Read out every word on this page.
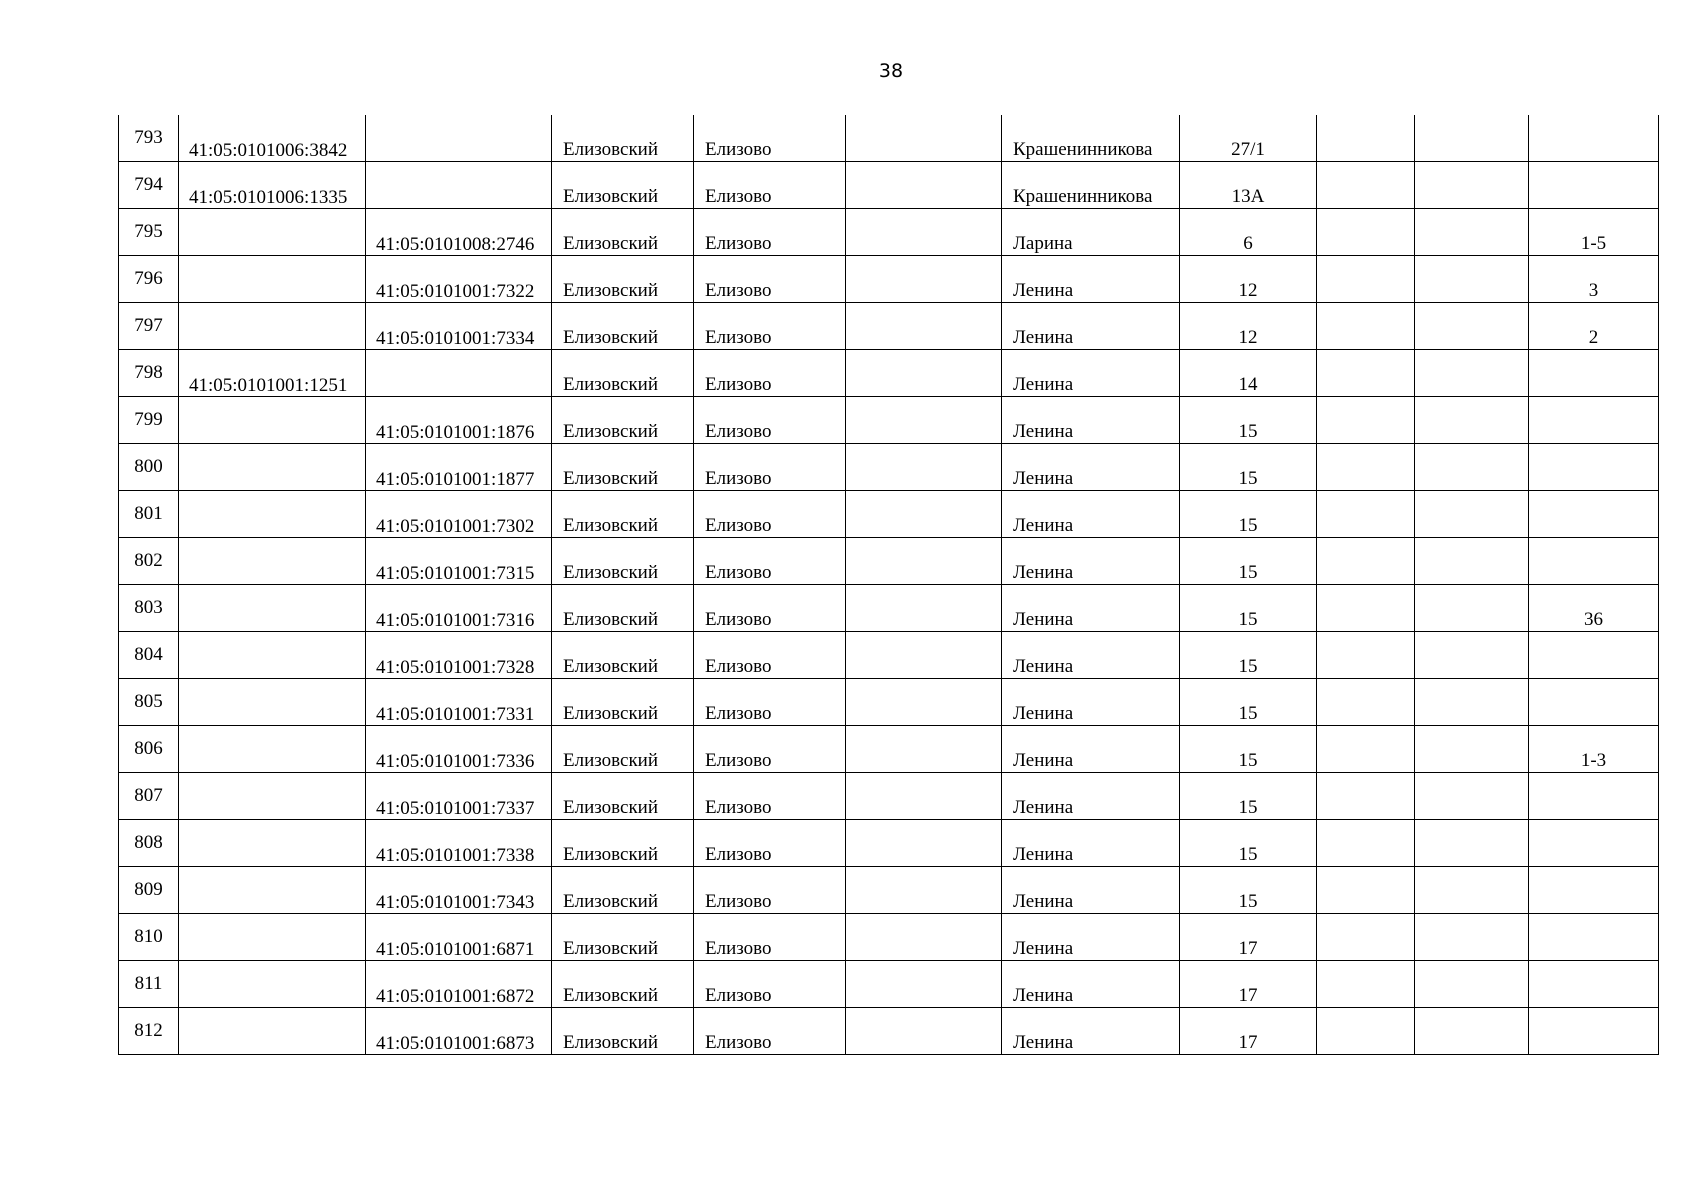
38
793	41:05:0101006:3842		Елизовский	Елизово		Крашенинникова	27/1			

794	41:05:0101006:1335		Елизовский	Елизово		Крашенинникова	13А			

795		41:05:0101008:2746	Елизовский	Елизово		Ларина	6			1-5

796		41:05:0101001:7322	Елизовский	Елизово		Ленина	12			3

797		41:05:0101001:7334	Елизовский	Елизово		Ленина	12			2

798	41:05:0101001:1251		Елизовский	Елизово		Ленина	14			

799		41:05:0101001:1876	Елизовский	Елизово		Ленина	15			

800		41:05:0101001:1877	Елизовский	Елизово		Ленина	15			

801		41:05:0101001:7302	Елизовский	Елизово		Ленина	15			

802		41:05:0101001:7315	Елизовский	Елизово		Ленина	15			

803		41:05:0101001:7316	Елизовский	Елизово		Ленина	15			36

804		41:05:0101001:7328	Елизовский	Елизово		Ленина	15			

805		41:05:0101001:7331	Елизовский	Елизово		Ленина	15			

806		41:05:0101001:7336	Елизовский	Елизово		Ленина	15			1-3

807		41:05:0101001:7337	Елизовский	Елизово		Ленина	15			

808		41:05:0101001:7338	Елизовский	Елизово		Ленина	15			

809		41:05:0101001:7343	Елизовский	Елизово		Ленина	15			

810		41:05:0101001:6871	Елизовский	Елизово		Ленина	17			

811		41:05:0101001:6872	Елизовский	Елизово		Ленина	17			

812		41:05:0101001:6873	Елизовский	Елизово		Ленина	17			
